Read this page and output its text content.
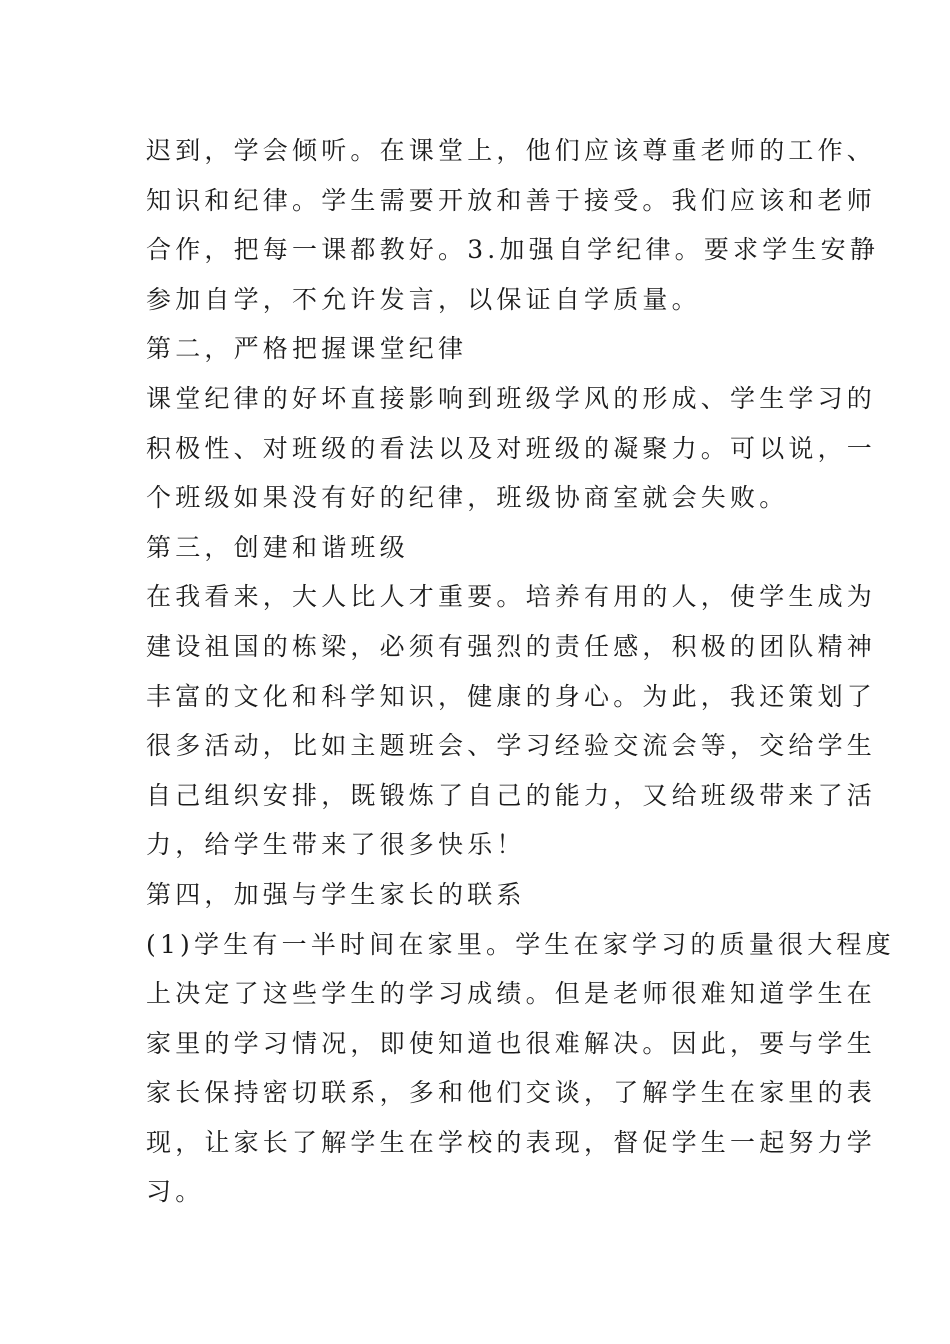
迟到，学会倾听。在课堂上，他们应该尊重老师的工作、
知识和纪律。学生需要开放和善于接受。我们应该和老师
合作，把每一课都教好。3.加强自学纪律。要求学生安静
参加自学，不允许发言，以保证自学质量。
第二，严格把握课堂纪律
课堂纪律的好坏直接影响到班级学风的形成、学生学习的
积极性、对班级的看法以及对班级的凝聚力。可以说，一
个班级如果没有好的纪律，班级协商室就会失败。
第三，创建和谐班级
在我看来，大人比人才重要。培养有用的人，使学生成为
建设祖国的栋梁，必须有强烈的责任感，积极的团队精神
丰富的文化和科学知识，健康的身心。为此，我还策划了
很多活动，比如主题班会、学习经验交流会等，交给学生
自己组织安排，既锻炼了自己的能力，又给班级带来了活
力，给学生带来了很多快乐！
第四，加强与学生家长的联系
(1)学生有一半时间在家里。学生在家学习的质量很大程度
上决定了这些学生的学习成绩。但是老师很难知道学生在
家里的学习情况，即使知道也很难解决。因此，要与学生
家长保持密切联系，多和他们交谈，了解学生在家里的表
现，让家长了解学生在学校的表现，督促学生一起努力学
习。
